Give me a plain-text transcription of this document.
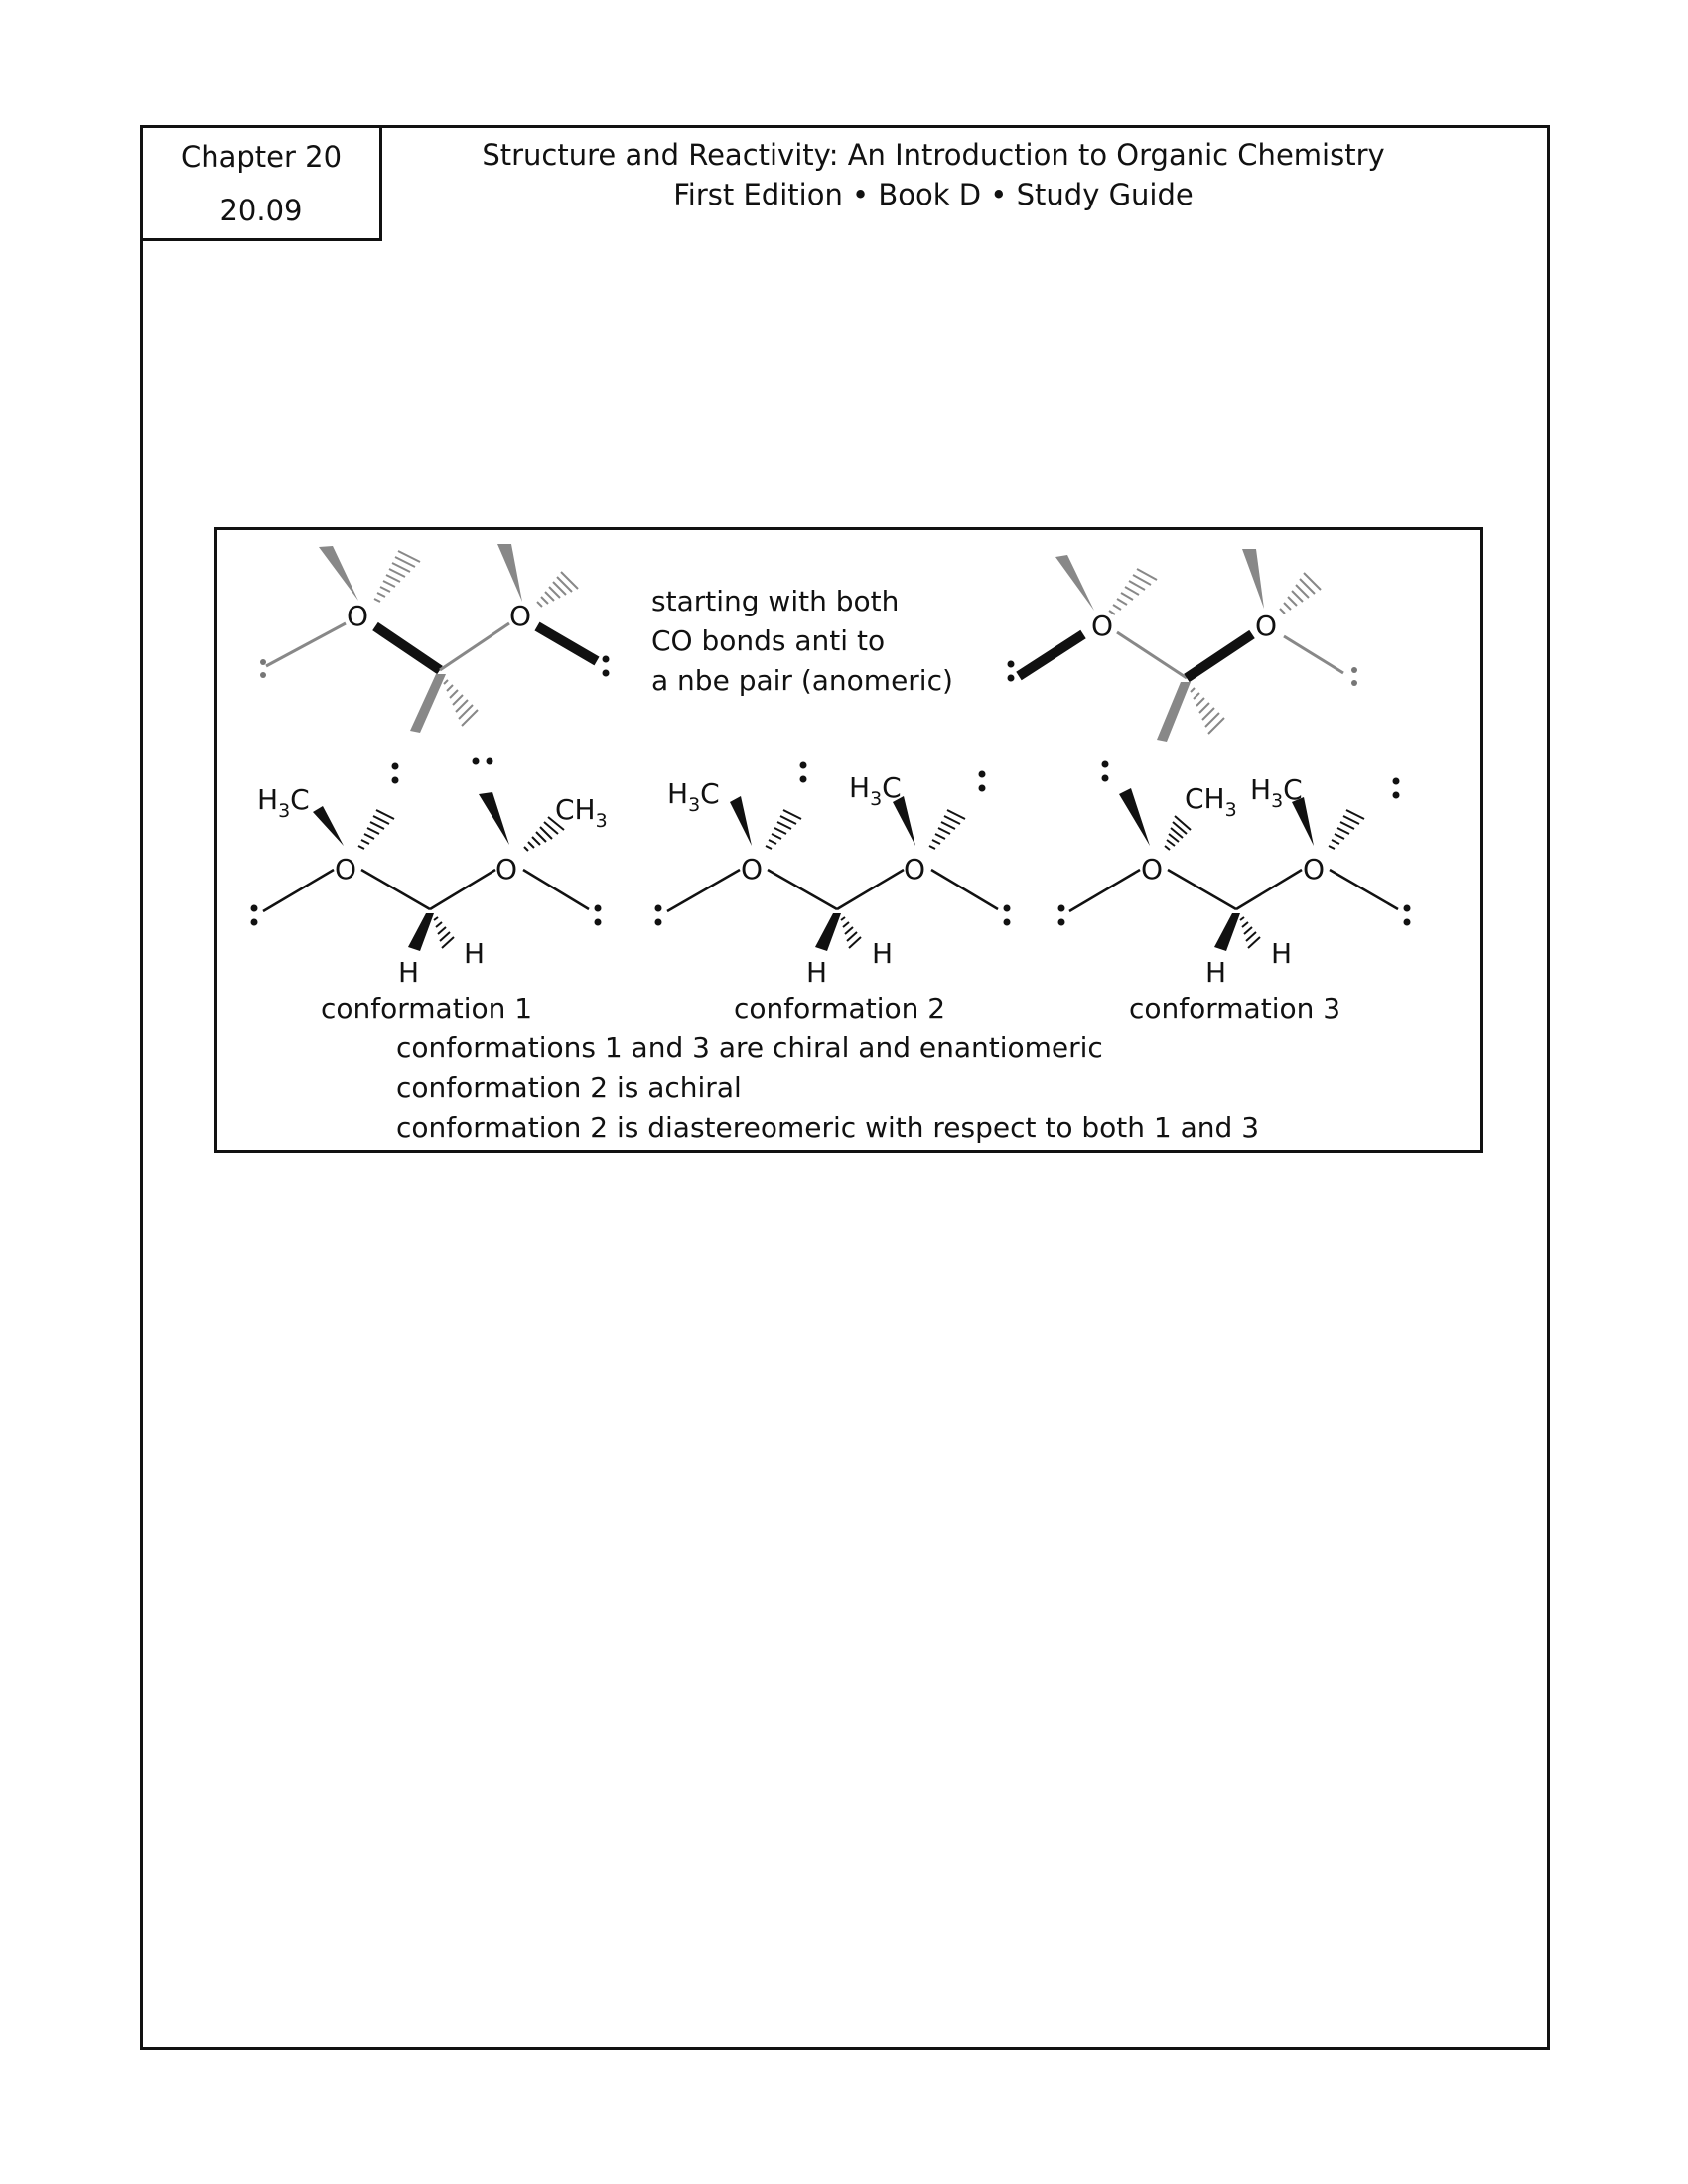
Chapter 20
20.09
Structure and Reactivity: An Introduction to Organic Chemistry
First Edition • Book D • Study Guide
O	O	starting with both CO bonds anti to a nbe pair (anomeric)
O	O
O	O
$H_3C$	$CH_3$
H
H
O	O
$H_3C$	$H_3C$
H
H
O	O
$CH_3$
$H_3C$
H
H
conformation 1	conformation 2	conformation 3
conformations 1 and 3 are chiral and enantiomeric conformation 2 is achiral conformation 2 is diastereomeric with respect to both 1 and 3
